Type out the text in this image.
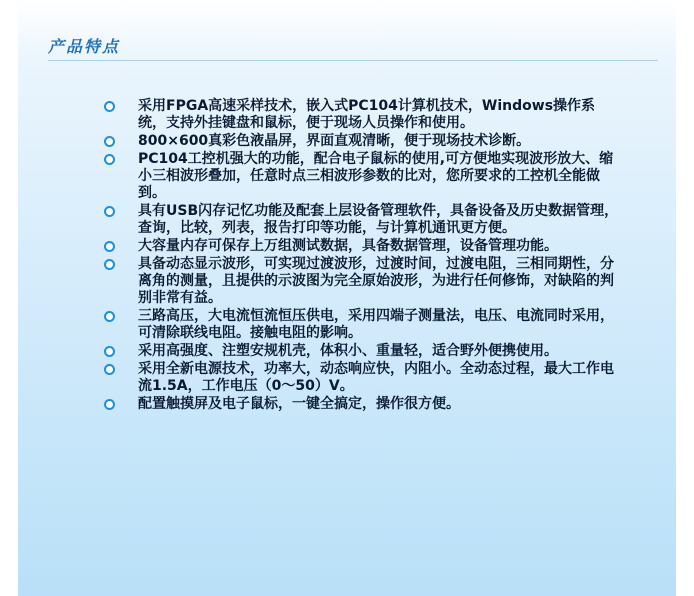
产品特点
采用FPGA高速采样技术，嵌入式PC104计算机技术，Windows操作系统，支持外挂键盘和鼠标，便于现场人员操作和使用。
800×600真彩色液晶屏，界面直观清晰，便于现场技术诊断。
PC104工控机强大的功能，配合电子鼠标的使用,可方便地实现波形放大、缩小三相波形叠加，任意时点三相波形参数的比对，您所要求的工控机全能做到。
具有USB闪存记忆功能及配套上层设备管理软件，具备设备及历史数据管理，查询，比较，列表，报告打印等功能，与计算机通讯更方便。
大容量内存可保存上万组测试数据，具备数据管理，设备管理功能。
具备动态显示波形，可实现过渡波形，过渡时间，过渡电阻，三相同期性，分离角的测量，且提供的示波图为完全原始波形，为进行任何修饰，对缺陷的判别非常有益。
三路高压，大电流恒流恒压供电，采用四端子测量法，电压、电流同时采用，可清除联线电阻。接触电阻的影响。
采用高强度、注塑安规机壳，体积小、重量轻，适合野外便携使用。
采用全新电源技术，功率大，动态响应快，内阻小。全动态过程，最大工作电流1.5A，工作电压（0～50）V。
配置触摸屏及电子鼠标，一键全搞定，操作很方便。
